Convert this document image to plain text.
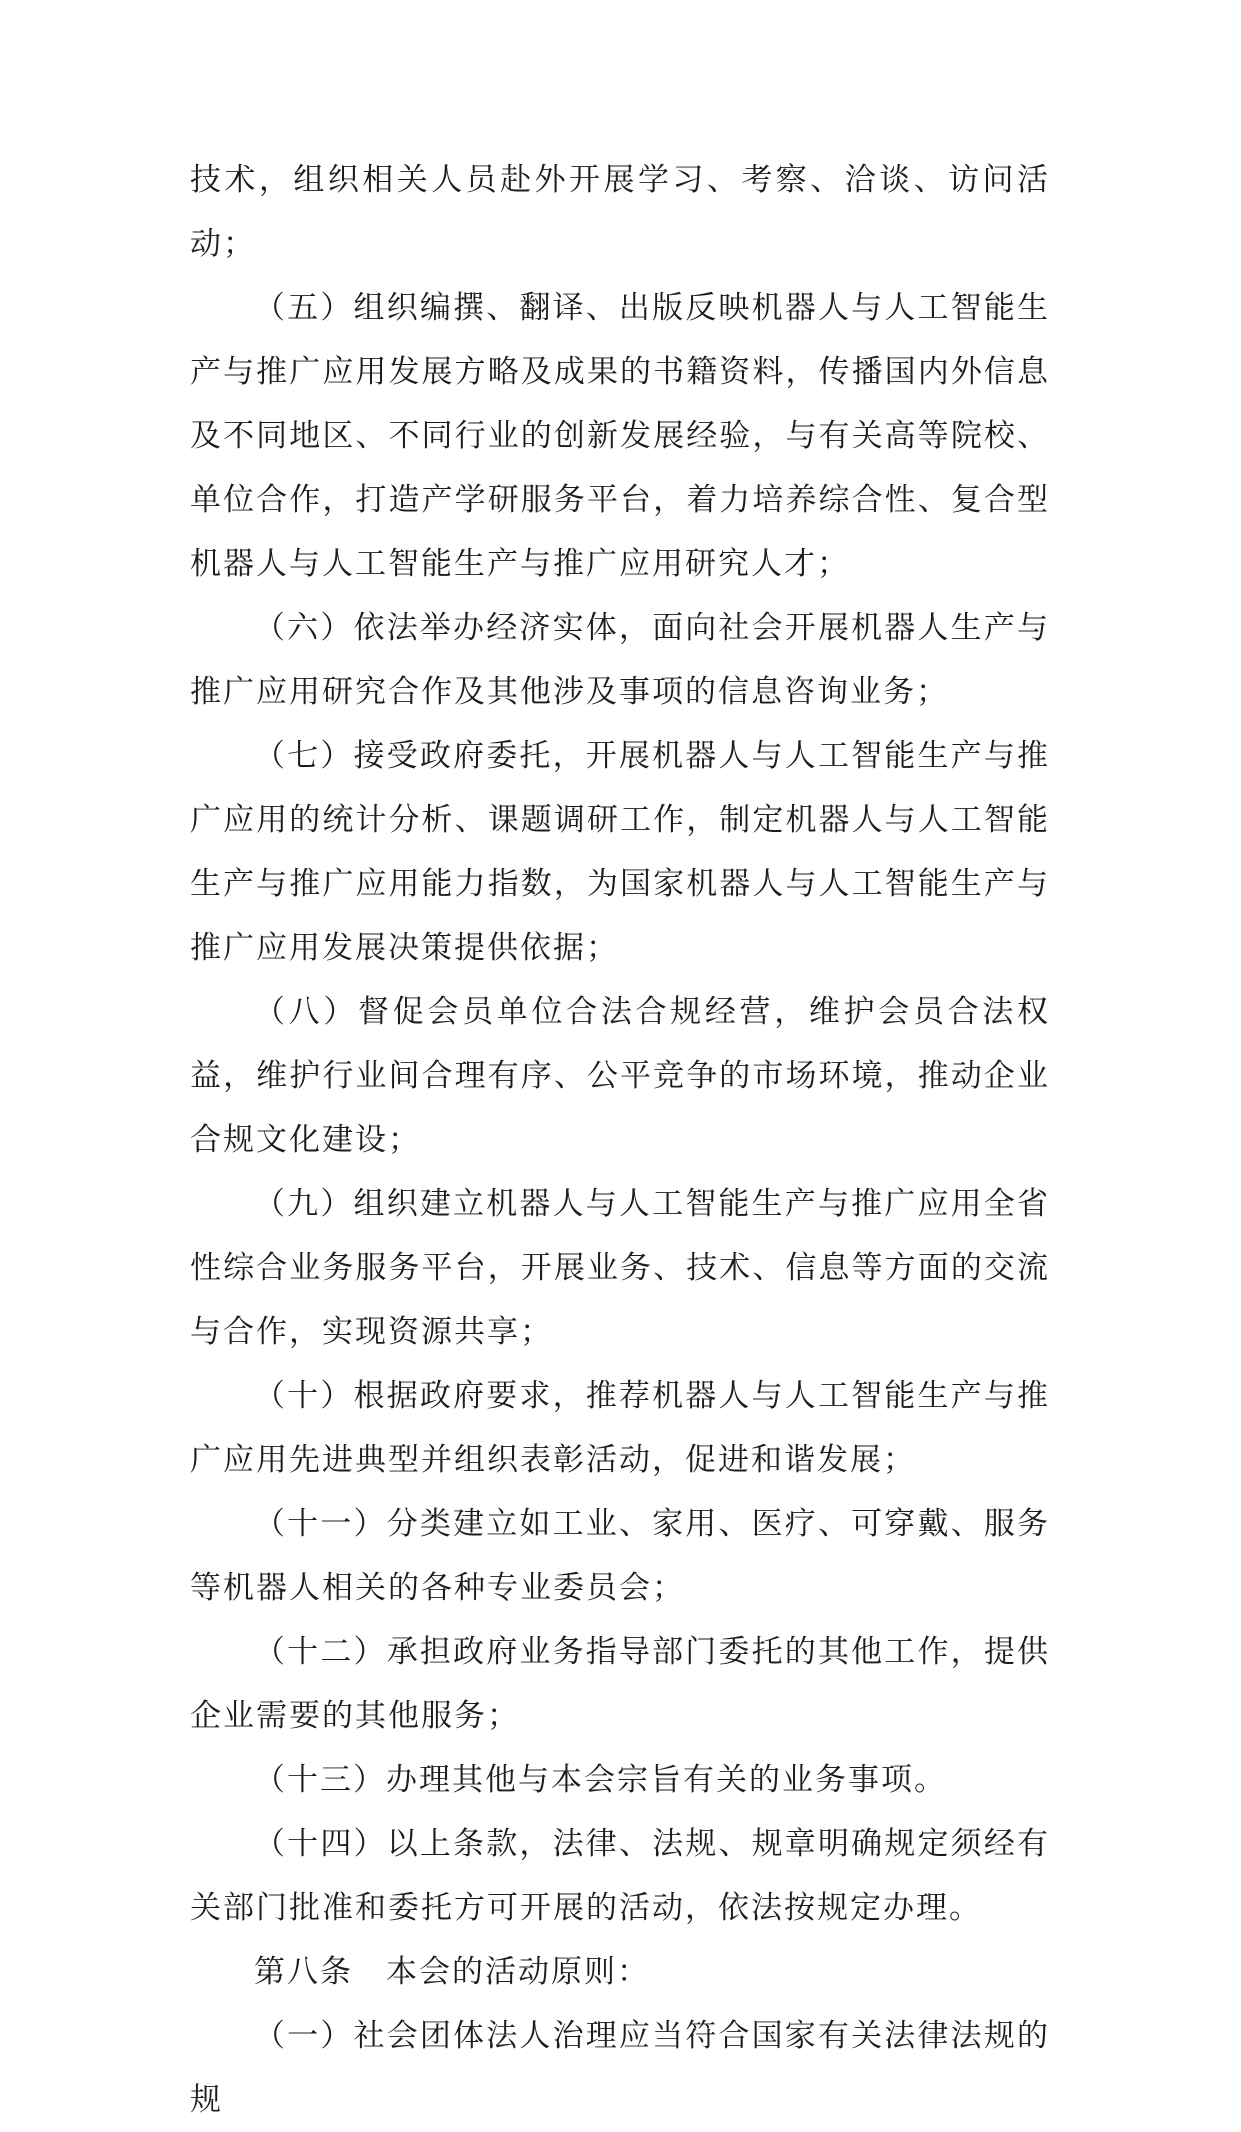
技术，组织相关人员赴外开展学习、考察、洽谈、访问活动；

（五）组织编撰、翻译、出版反映机器人与人工智能生产与推广应用发展方略及成果的书籍资料，传播国内外信息及不同地区、不同行业的创新发展经验，与有关高等院校、单位合作，打造产学研服务平台，着力培养综合性、复合型机器人与人工智能生产与推广应用研究人才；

（六）依法举办经济实体，面向社会开展机器人生产与推广应用研究合作及其他涉及事项的信息咨询业务；

（七）接受政府委托，开展机器人与人工智能生产与推广应用的统计分析、课题调研工作，制定机器人与人工智能生产与推广应用能力指数，为国家机器人与人工智能生产与推广应用发展决策提供依据；

（八）督促会员单位合法合规经营，维护会员合法权益，维护行业间合理有序、公平竞争的市场环境，推动企业合规文化建设；

（九）组织建立机器人与人工智能生产与推广应用全省性综合业务服务平台，开展业务、技术、信息等方面的交流与合作，实现资源共享；

（十）根据政府要求，推荐机器人与人工智能生产与推广应用先进典型并组织表彰活动，促进和谐发展；

（十一）分类建立如工业、家用、医疗、可穿戴、服务等机器人相关的各种专业委员会；

（十二）承担政府业务指导部门委托的其他工作，提供企业需要的其他服务；

（十三）办理其他与本会宗旨有关的业务事项。

（十四）以上条款，法律、法规、规章明确规定须经有关部门批准和委托方可开展的活动，依法按规定办理。

第八条　本会的活动原则：

（一）社会团体法人治理应当符合国家有关法律法规的规
